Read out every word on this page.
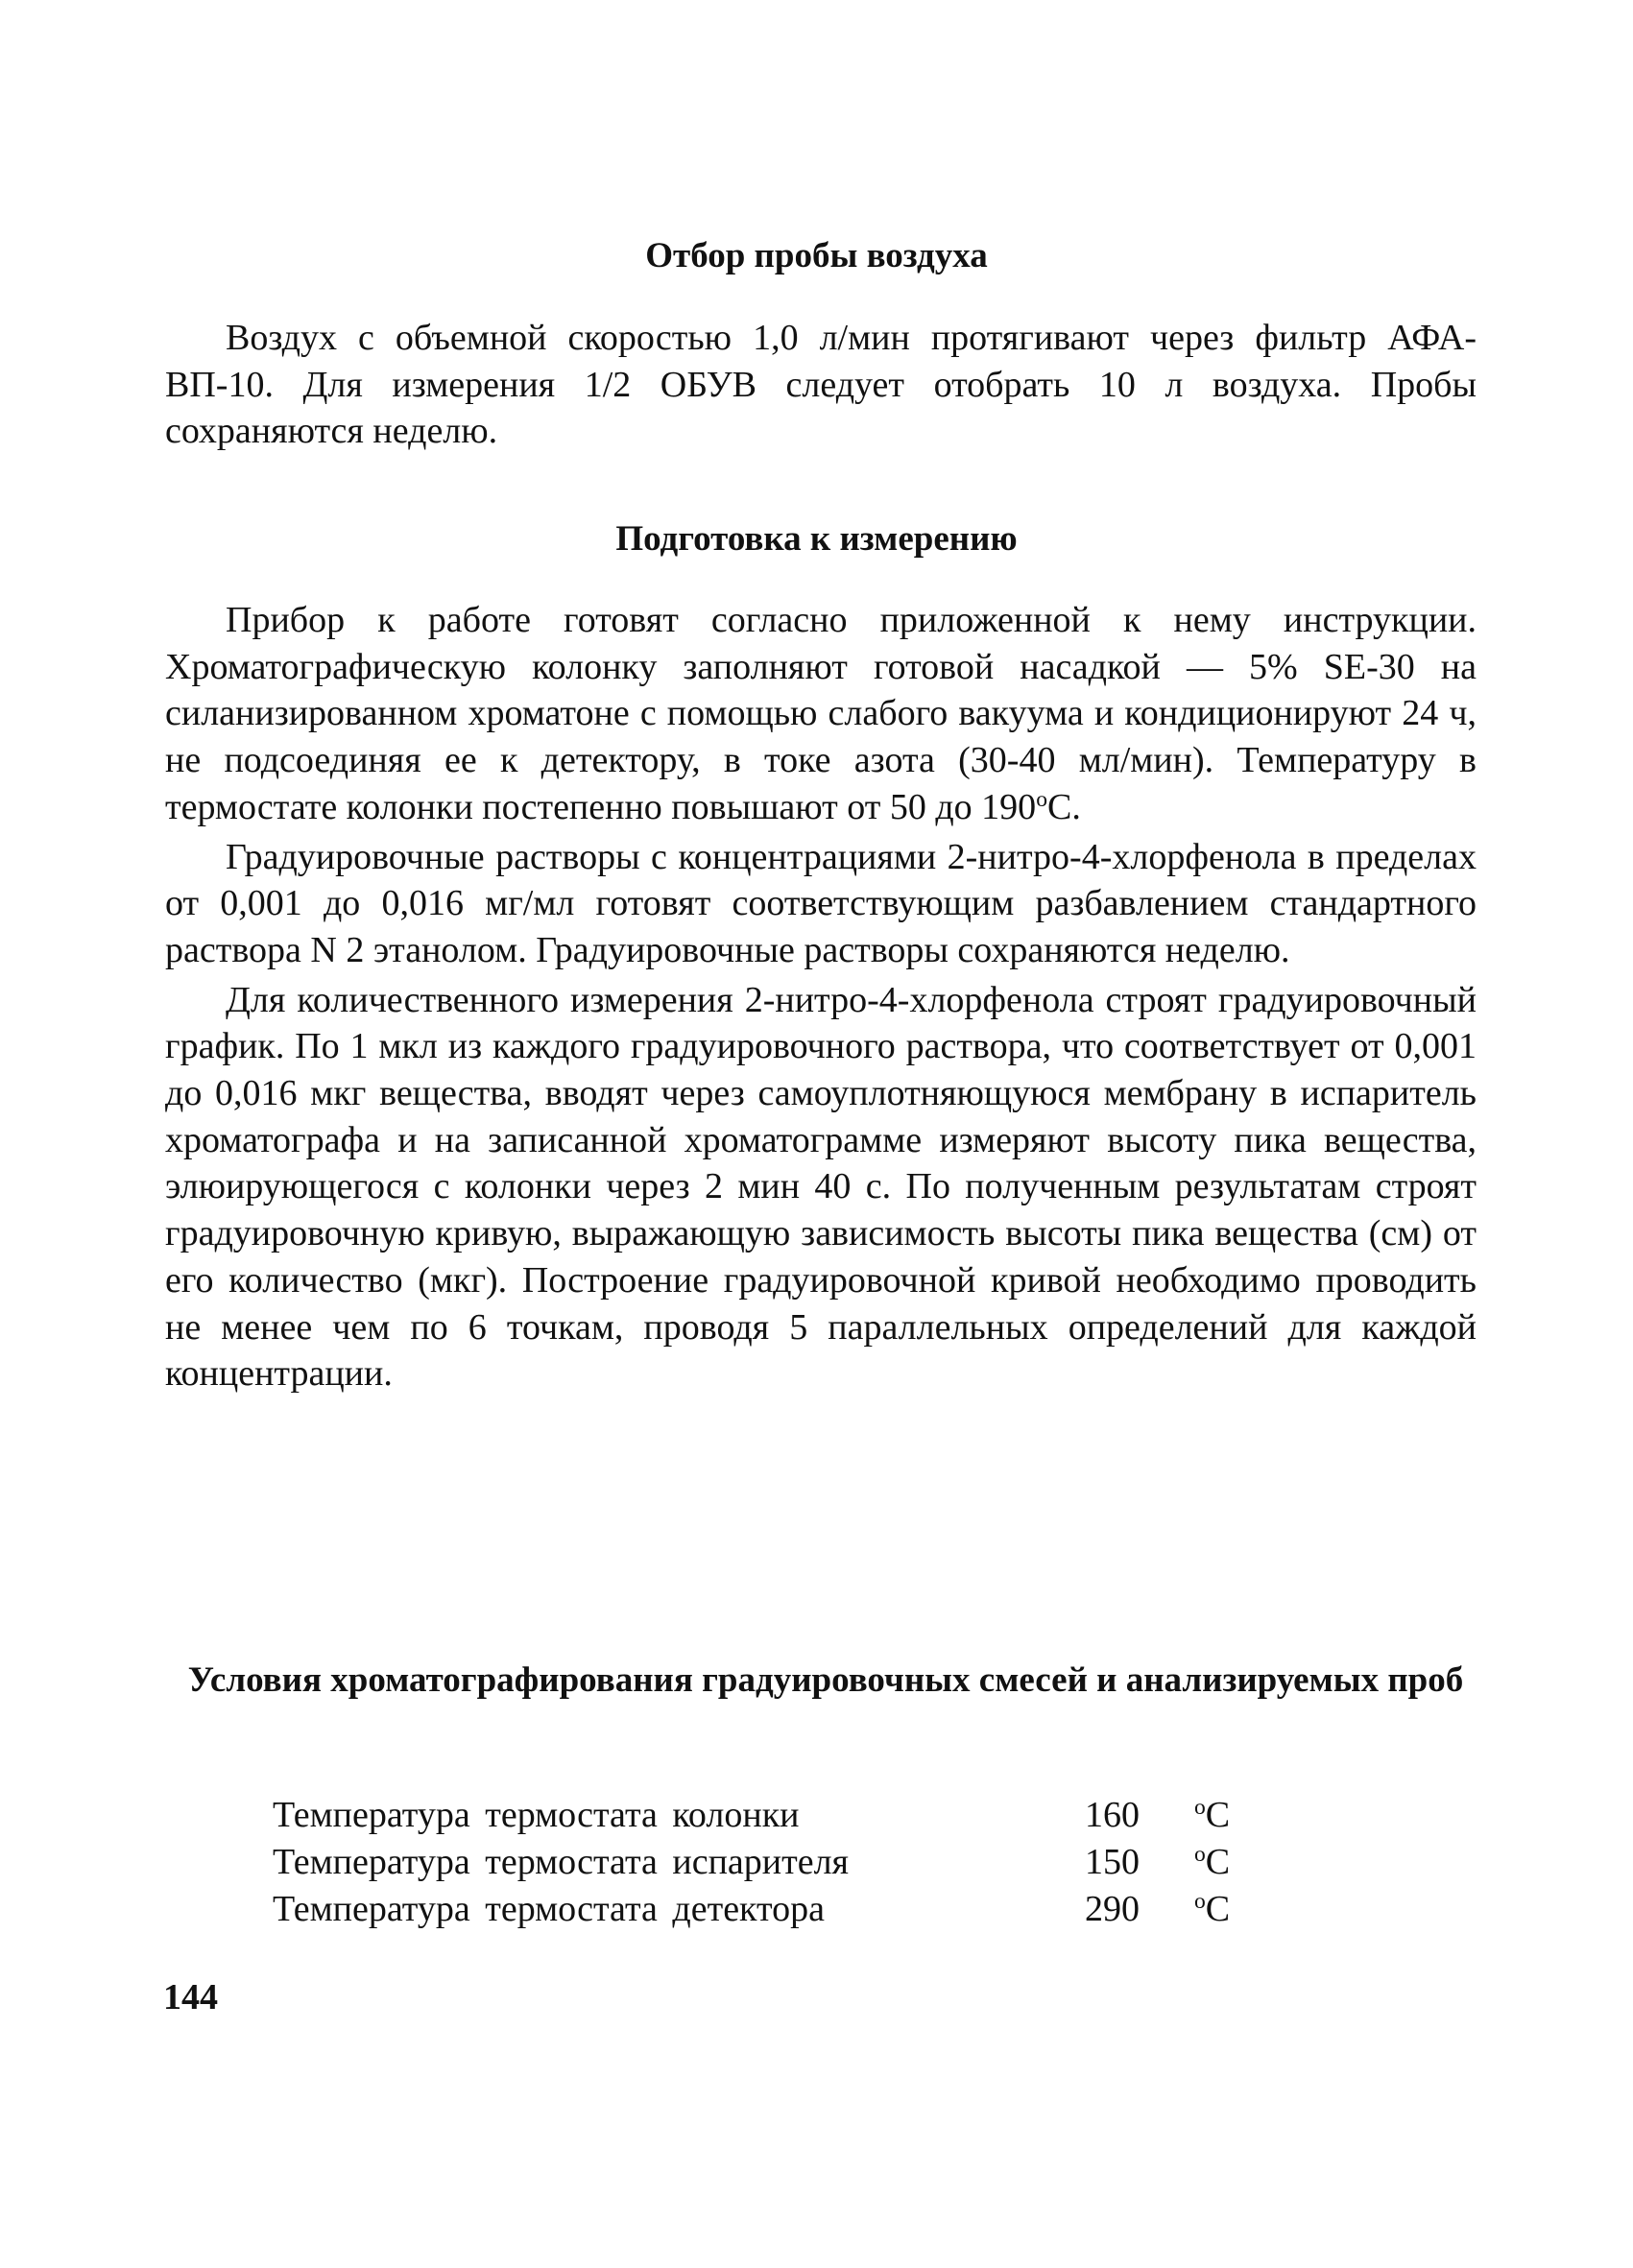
Отбор пробы воздуха

Воздух с объемной скоростью 1,0 л/мин протягивают через фильтр АФА-ВП-10. Для измерения 1/2 ОБУВ следует отобрать 10 л воздуха. Пробы сохраняются неделю.

Подготовка к измерению

Прибор к работе готовят согласно приложенной к нему инструкции. Хроматографическую колонку заполняют готовой насадкой — 5% SE-30 на силанизированном хроматоне с помощью слабого вакуума и кондиционируют 24 ч, не подсоединяя ее к детектору, в токе азота (30-40 мл/мин). Температуру в термостате колонки постепенно повышают от 50 до 190$^o$C.

Градуировочные растворы с концентрациями 2-нитро-4-хлорфенола в пределах от 0,001 до 0,016 мг/мл готовят соответствующим разбавлением стандартного раствора N 2 этанолом. Градуировочные растворы сохраняются неделю.

Для количественного измерения 2-нитро-4-хлорфенола строят градуировочный график. По 1 мкл из каждого градуировочного раствора, что соответствует от 0,001 до 0,016 мкг вещества, вводят через самоуплотняющуюся мембрану в испаритель хроматографа и на записанной хроматограмме измеряют высоту пика вещества, элюирующегося с колонки через 2 мин 40 с. По полученным результатам строят градуировочную кривую, выражающую зависимость высоты пика вещества (см) от его количество (мкг). Построение градуировочной кривой необходимо проводить не менее чем по 6 точкам, проводя 5 параллельных определений для каждой концентрации.

Условия хроматографирования градуировочных смесей и анализируемых проб
Температура термостата колонки	160	$^o$C
Температура термостата испарителя	150	$^o$C
Температура термостата детектора	290	$^o$C
144
